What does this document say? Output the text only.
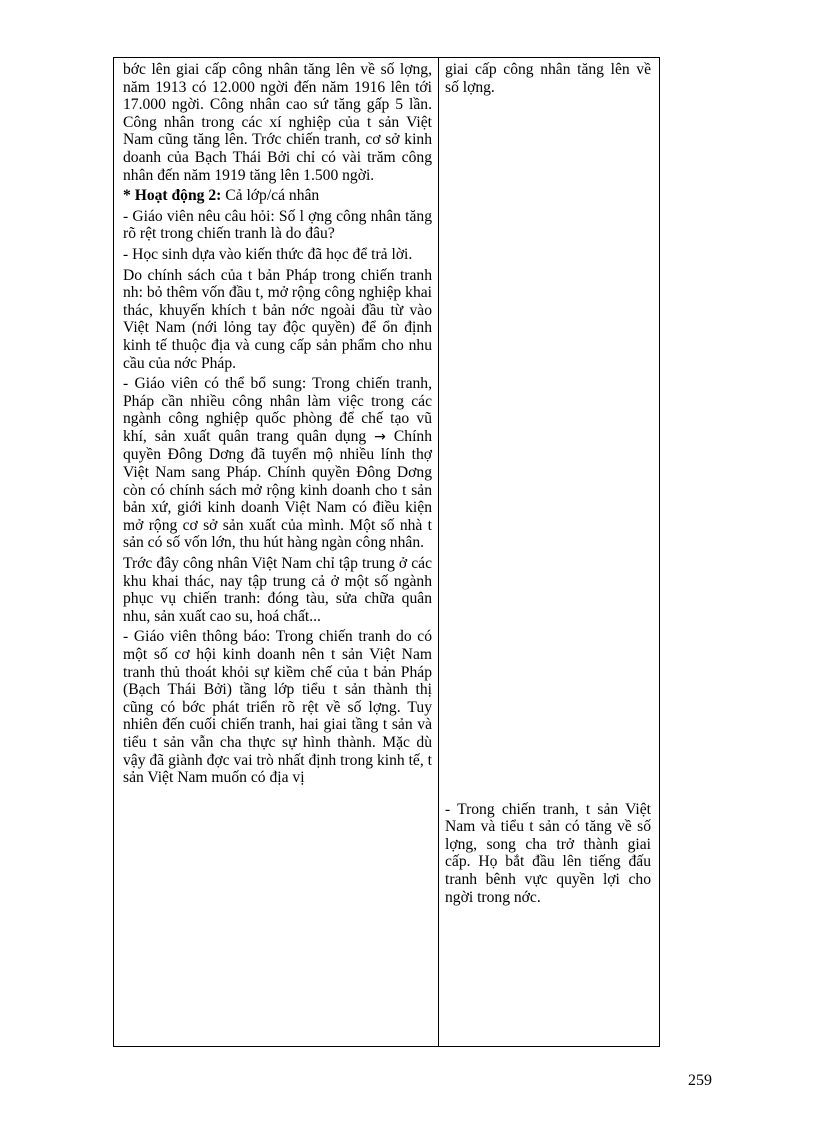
bớc lên giai cấp công nhân tăng lên về số lợng, năm 1913 có 12.000 ngời đến năm 1916 lên tới 17.000 ngời. Công nhân cao sứ tăng gấp 5 lần. Công nhân trong các xí nghiệp của t sản Việt Nam cũng tăng lên. Trớc chiến tranh, cơ sở kinh doanh của Bạch Thái Bởi chỉ có vài trăm công nhân đến năm 1919 tăng lên 1.500 ngời.

* Hoạt động 2: Cả lớp/cá nhân

- Giáo viên nêu câu hỏi: Số l ợng công nhân tăng rõ rệt trong chiến tranh là do đâu?

- Học sinh dựa vào kiến thức đã học để trả lời.

Do chính sách của t bản Pháp trong chiến tranh nh: bỏ thêm vốn đầu t, mở rộng công nghiệp khai thác, khuyến khích t bản nớc ngoài đầu từ vào Việt Nam (nới lỏng tay độc quyền) để ổn định kinh tế thuộc địa và cung cấp sản phẩm cho nhu cầu của nớc Pháp.

- Giáo viên có thể bổ sung: Trong chiến tranh, Pháp cần nhiều công nhân làm việc trong các ngành công nghiệp quốc phòng để chế tạo vũ khí, sản xuất quân trang quân dụng → Chính quyền Đông Dơng đã tuyển mộ nhiều lính thợ Việt Nam sang Pháp. Chính quyền Đông Dơng còn có chính sách mở rộng kinh doanh cho t sản bản xứ, giới kinh doanh Việt Nam có điều kiện mở rộng cơ sở sản xuất của mình. Một số nhà t sản có số vốn lớn, thu hút hàng ngàn công nhân.

Trớc đây công nhân Việt Nam chỉ tập trung ở các khu khai thác, nay tập trung cả ở một số ngành phục vụ chiến tranh: đóng tàu, sửa chữa quân nhu, sản xuất cao su, hoá chất...

- Giáo viên thông báo: Trong chiến tranh do có một số cơ hội kinh doanh nên t sản Việt Nam tranh thủ thoát khỏi sự kiềm chế của t bản Pháp (Bạch Thái Bởi) tầng lớp tiểu t sản thành thị cũng có bớc phát triển rõ rệt về số lợng. Tuy nhiên đến cuối chiến tranh, hai giai tầng t sản và tiểu t sản vẫn cha thực sự hình thành. Mặc dù vậy đã giành đợc vai trò nhất định trong kinh tế, t sản Việt Nam muốn có địa vị

giai cấp công nhân tăng lên về số lợng.

- Trong chiến tranh, t sản Việt Nam và tiểu t sản có tăng về số lợng, song cha trở thành giai cấp. Họ bắt đầu lên tiếng đấu tranh bênh vực quyền lợi cho ngời trong nớc.

259
